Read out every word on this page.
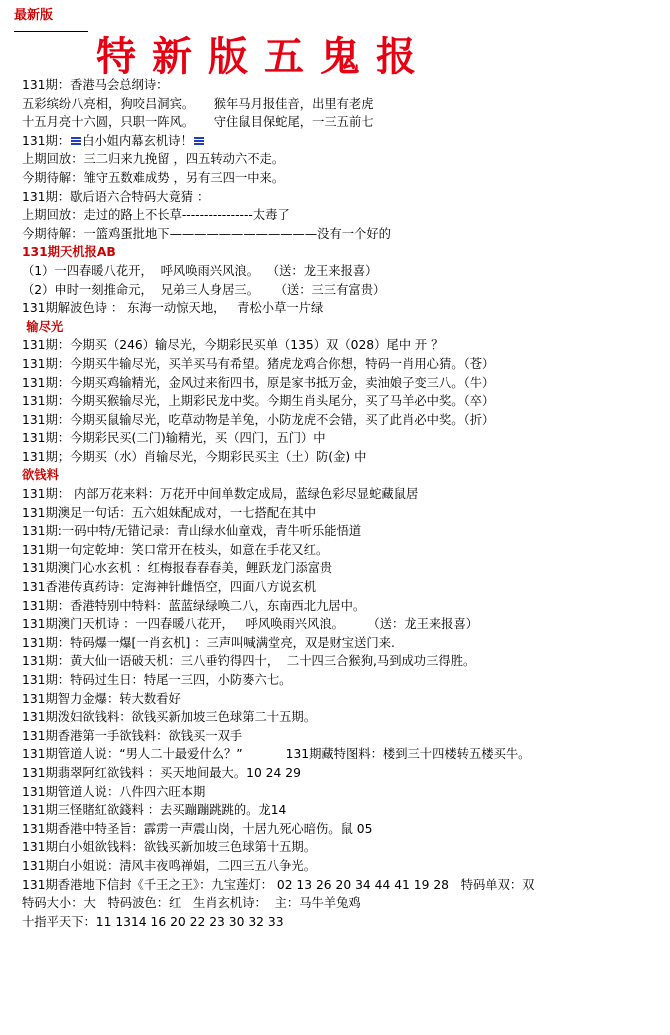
最新版
特新版五鬼报
131期：香港马会总纲诗：
五彩缤纷八亮相，狗咬吕洞宾。     猴年马月报佳音，出里有老虎
十五月亮十六圆，只职一阵风。     守住鼠目保蛇尾，一三五前七
131期： 白小姐内幕玄机诗！
上期回放：三二归来九挽留 ，四五转动六不走。
今期待解：雏守五数难成势 ，另有三四一中来。
131期：歇后语六合特码大竟猜 ：
上期回放：走过的路上不长草----------------太毒了
今期待解：一篮鸡蛋批地下————————————没有一个好的
131期天机报AB
（1）一四春暖八花开，  呼风唤雨兴风浪。  （送：龙王来报喜）
（2）申时一刻推命元，  兄弟三人身居三。    （送：三三有富贵）
131期解波色诗 ： 东海一动惊天地，   青松小草一片绿
输尽光
131期：今期买（246）输尽光，今期彩民买单（135）双（028）尾中 开 ？
131期：今期买牛输尽光，买羊买马有希望。猪虎龙鸡合你想，特码一肖用心猜。（苍）
131期：今期买鸡输精光，金风过来衔四书，原是家书抵万金，卖油娘子变三八。（牛）
131期：今期买猴输尽光，上期彩民龙中奖。今期生肖头尾分，买了马羊必中奖。（卒）
131期：今期买鼠输尽光，吃草动物是羊兔，小防龙虎不会错，买了此肖必中奖。（折）
131期：今期彩民买(二门)输精光，买（四门，五门）中
131期；今期买（水）肖输尽光，今期彩民买主（土）防(金) 中
欲钱料
131期： 内部万花来料：万花开中间单数定成局，蓝绿色彩尽显蛇藏鼠居
131期澳足一句话：五六姐妹配成对，一七搭配在其中
131期:一码中特/无错记录：青山绿水仙童戏，青牛听乐能悟道
131期一句定乾坤：笑口常开在枝头，如意在手花又红。
131期澳门心水玄机 ：红梅报春春春美，鲤跃龙门添富贵
131香港传真药诗：定海神针雌悟空，四面八方说玄机
131期：香港特别中特料：蓝蓝绿绿唤二八，东南西北九居中。
131期澳门天机诗 ：一四春暖八花开，   呼风唤雨兴风浪。      （送：龙王来报喜）
131期：特码爆一爆[一肖玄机] ：三声叫喊满堂亮，双是财宝送门来.
131期：黄大仙一语破天机：三八垂钓得四十，  二十四三合猴狗,马到成功三得胜。
131期：特码过生日：特尾一三四，小防麥六七。
131期智力金爆：转大数看好
131期泼妇欲钱料：欲钱买新加坡三色球第二十五期。
131期香港第一手欲钱料：欲钱买一双手
131期管道人说：“男人二十最爱什么？”           131期藏特图料：楼到三十四楼转五楼买牛。
131期翡翠阿红欲钱料 ：买天地间最大。10 24 29
131期管道人说：八件四六旺本期
131期三怪賭紅欲錢料 ：去买蹦蹦跳跳的。龙14
131期香港中特圣旨：霹雳一声震山岗，十居九死心暗伤。鼠 05
131期白小姐欲钱料：欲钱买新加坡三色球第十五期。
131期白小姐说：清风丰夜鸣禅娟，二四三五八争光。
131期香港地下信封《千王之王》：九宝莲灯： 02 13 26 20 34 44 41 19 28   特码单双：双
特码大小：大   特码波色：红   生肖玄机诗：  主：马牛羊兔鸡
十指平天下：11 1314 16 20 22 23 30 32 33
